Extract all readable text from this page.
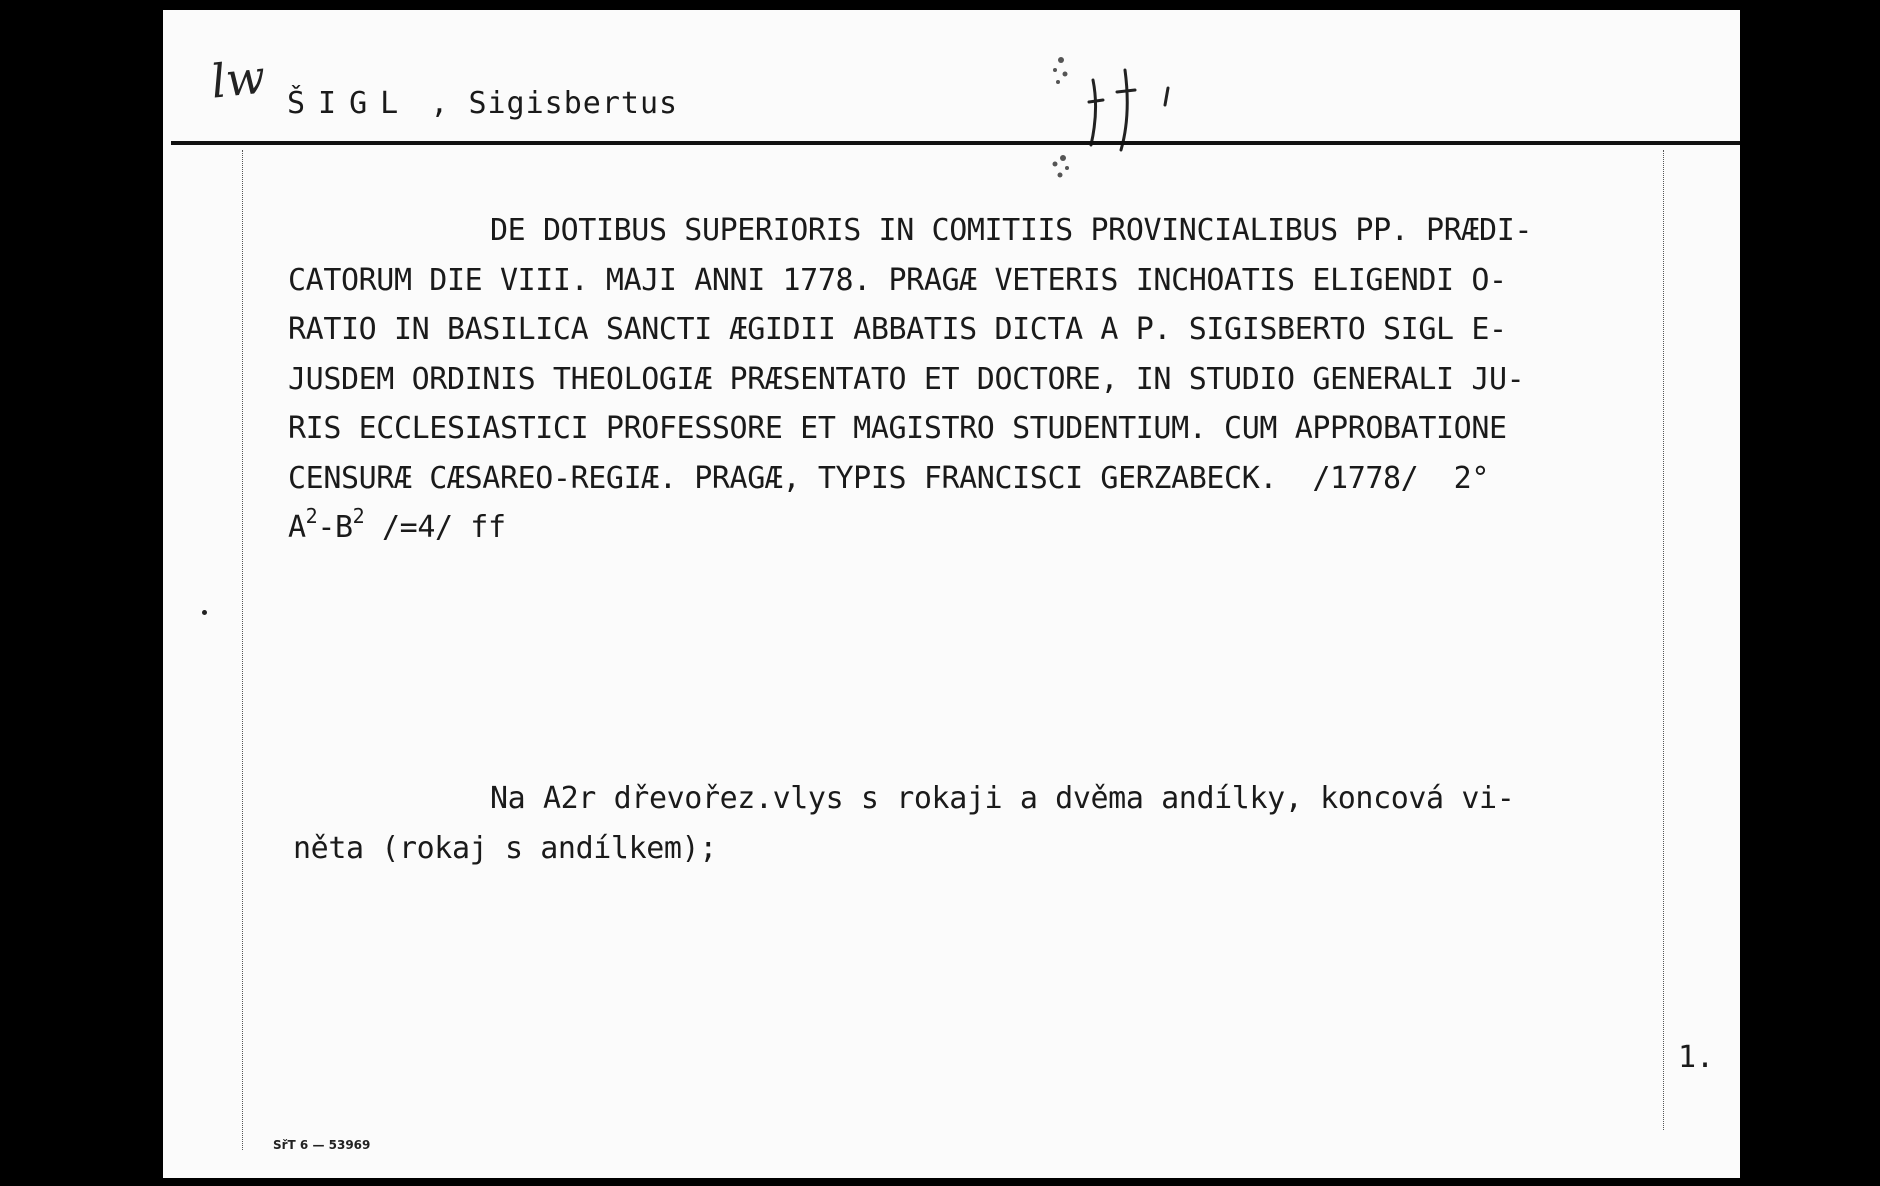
lw ŠIGL , Sigisbertus
DE DOTIBUS SUPERIORIS IN COMITIIS PROVINCIALIBUS PP. PRÆDI-
CATORUM DIE VIII. MAJI ANNI 1778. PRAGÆ VETERIS INCHOATIS ELIGENDI O-
RATIO IN BASILICA SANCTI ÆGIDII ABBATIS DICTA A P. SIGISBERTO SIGL E-
JUSDEM ORDINIS THEOLOGIÆ PRÆSENTATO ET DOCTORE, IN STUDIO GENERALI JU-
RIS ECCLESIASTICI PROFESSORE ET MAGISTRO STUDENTIUM. CUM APPROBATIONE
CENSURÆ CÆSAREO-REGIÆ. PRAGÆ, TYPIS FRANCISCI GERZABECK.  /1778/  2°
$A^2-B^2$ /=4/ ff
Na A2r dřevořez.vlys s rokaji a dvěma andílky, koncová vi-
něta (rokaj s andílkem);
1.
SřT 6 — 53969
